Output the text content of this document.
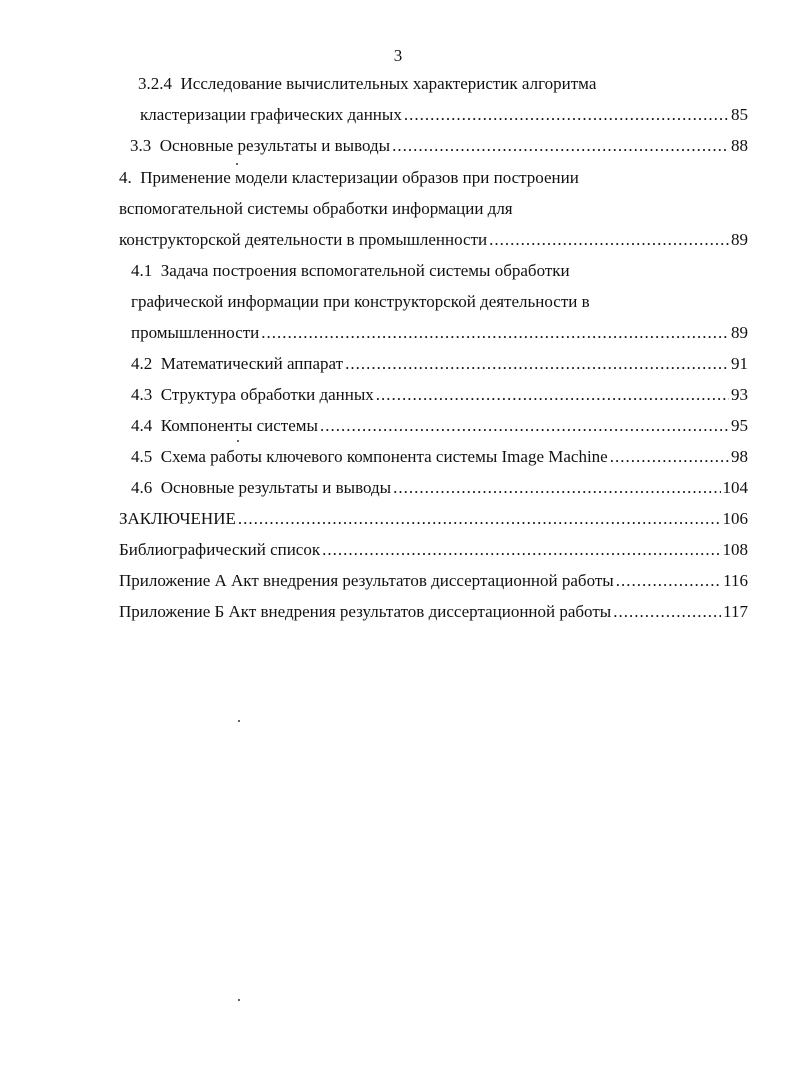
3
3.2.4 Исследование вычислительных характеристик алгоритма
кластеризации графических данных .....	85
3.3 Основные результаты и выводы .....	88
4. Применение модели кластеризации образов при построении
вспомогательной системы обработки информации для
конструкторской деятельности в промышленности .....	89
4.1 Задача построения вспомогательной системы обработки
графической информации при конструкторской деятельности в
промышленности .....	89
4.2 Математический аппарат .....	91
4.3 Структура обработки данных .....	93
4.4 Компоненты системы .....	95
4.5 Схема работы ключевого компонента системы Image Machine .....	98
4.6 Основные результаты и выводы .....	104
ЗАКЛЮЧЕНИЕ .....	106
Библиографический список .....	108
Приложение А Акт внедрения результатов диссертационной работы .....	116
Приложение Б Акт внедрения результатов диссертационной работы .....	117
